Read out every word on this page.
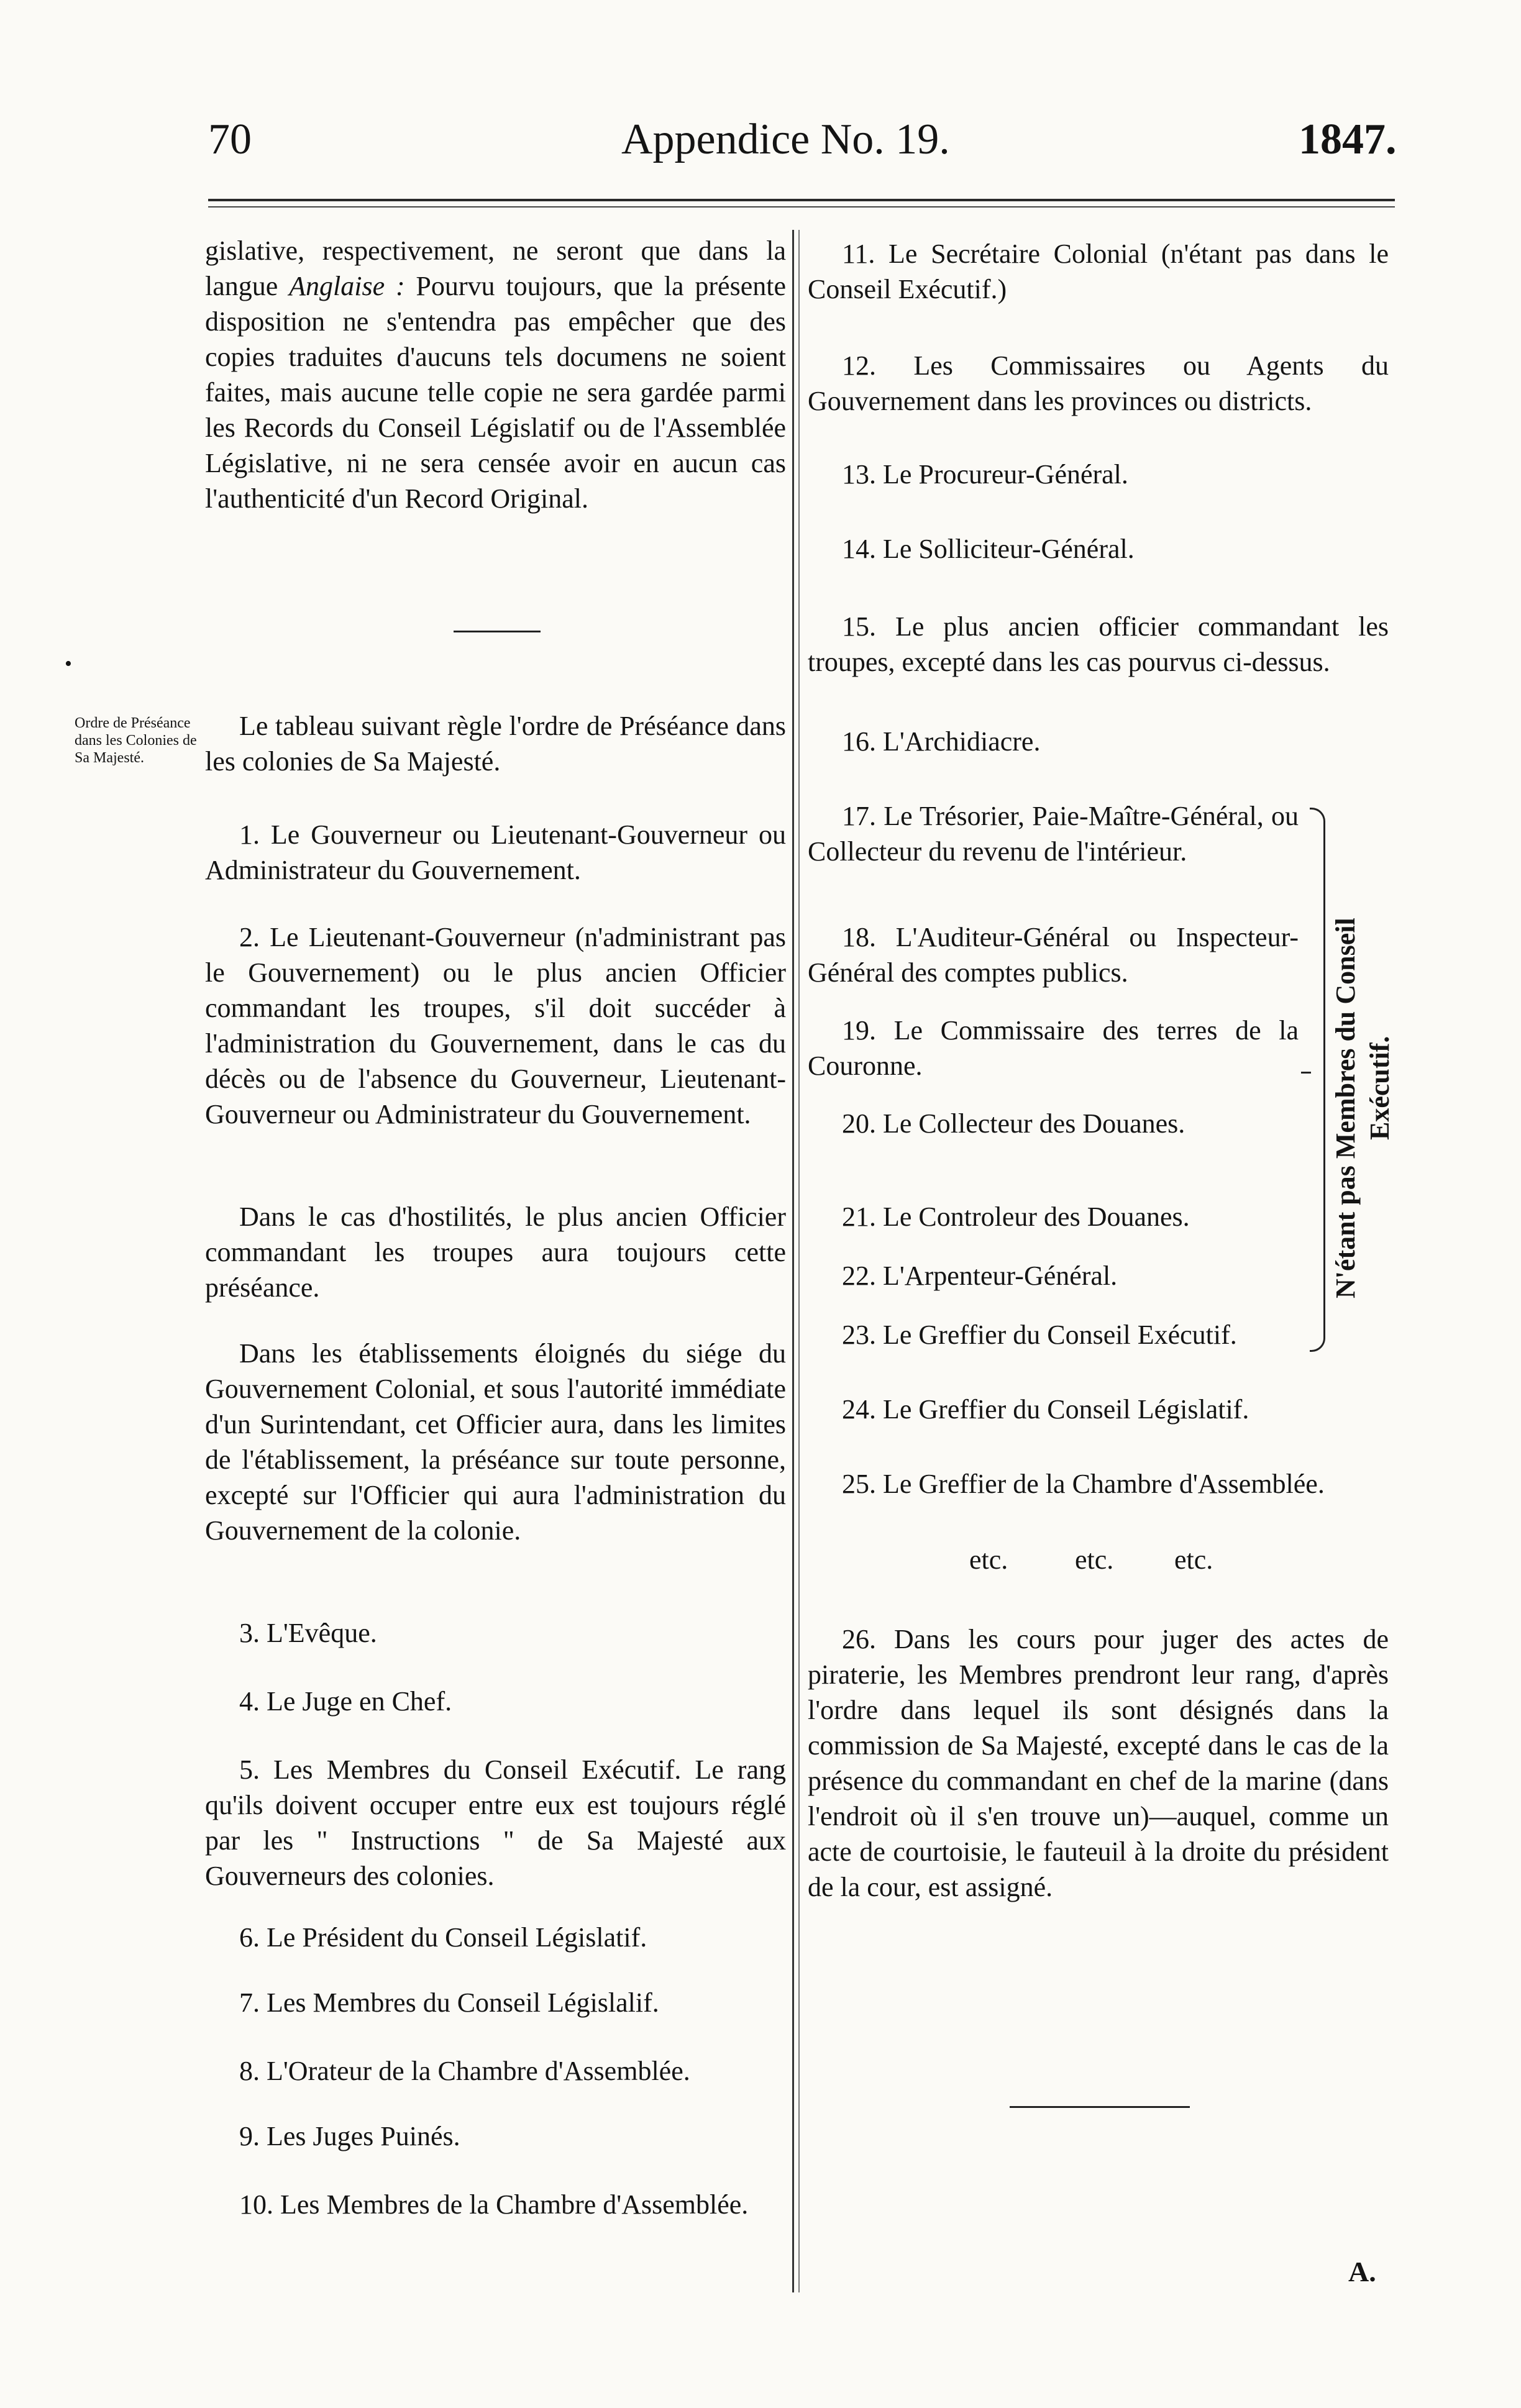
70	Appendice No. 19.	1847.

gislative, respectivement, ne seront que dans la langue Anglaise : Pourvu toujours, que la présente disposition ne s'entendra pas empêcher que des copies traduites d'aucuns tels documens ne soient faites, mais aucune telle copie ne sera gardée parmi les Records du Conseil Législatif ou de l'Assemblée Législative, ni ne sera censée avoir en aucun cas l'authenticité d'un Record Original.

•
Ordre de Préséance dans les Colonies de Sa Majesté.

Le tableau suivant règle l'ordre de Préséance dans les colonies de Sa Majesté.

1. Le Gouverneur ou Lieutenant-Gouverneur ou Administrateur du Gouvernement.

2. Le Lieutenant-Gouverneur (n'administrant pas le Gouvernement) ou le plus ancien Officier commandant les troupes, s'il doit succéder à l'administration du Gouvernement, dans le cas du décès ou de l'absence du Gouverneur, Lieutenant-Gouverneur ou Administrateur du Gouvernement.

Dans le cas d'hostilités, le plus ancien Officier commandant les troupes aura toujours cette préséance.

Dans les établissements éloignés du siége du Gouvernement Colonial, et sous l'autorité immédiate d'un Surintendant, cet Officier aura, dans les limites de l'établissement, la préséance sur toute personne, excepté sur l'Officier qui aura l'administration du Gouvernement de la colonie.

3. L'Evêque.

4. Le Juge en Chef.

5. Les Membres du Conseil Exécutif. Le rang qu'ils doivent occuper entre eux est toujours réglé par les " Instructions " de Sa Majesté aux Gouverneurs des colonies.

6. Le Président du Conseil Législatif.

7. Les Membres du Conseil Législalif.

8. L'Orateur de la Chambre d'Assemblée.

9. Les Juges Puinés.

10. Les Membres de la Chambre d'Assemblée.

11. Le Secrétaire Colonial (n'étant pas dans le Conseil Exécutif.)

12. Les Commissaires ou Agents du Gouvernement dans les provinces ou districts.

13. Le Procureur-Général.

14. Le Solliciteur-Général.

15. Le plus ancien officier commandant les troupes, excepté dans les cas pourvus ci-dessus.

16. L'Archidiacre.

17. Le Trésorier, Paie-Maître-Général, ou Collecteur du revenu de l'intérieur.

18. L'Auditeur-Général ou Inspecteur-Général des comptes publics.

19. Le Commissaire des terres de la Couronne.

20. Le Collecteur des Douanes.
21. Le Controleur des Douanes.
22. L'Arpenteur-Général.
23. Le Greffier du Conseil Exécutif.
N'étant pas Membres du Conseil Exécutif.
24. Le Greffier du Conseil Législatif.
25. Le Greffier de la Chambre d'Assemblée.
etc. etc. etc.

26. Dans les cours pour juger des actes de piraterie, les Membres prendront leur rang, d'après l'ordre dans lequel ils sont désignés dans la commission de Sa Majesté, excepté dans le cas de la présence du commandant en chef de la marine (dans l'endroit où il s'en trouve un)—auquel, comme un acte de courtoisie, le fauteuil à la droite du président de la cour, est assigné.

A.
